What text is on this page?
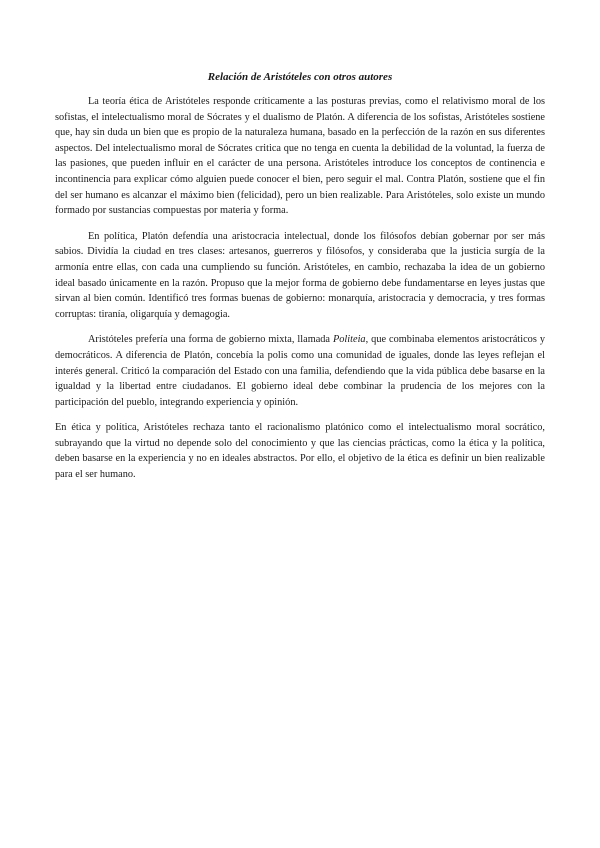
Relación de Aristóteles con otros autores

La teoría ética de Aristóteles responde críticamente a las posturas previas, como el relativismo moral de los sofistas, el intelectualismo moral de Sócrates y el dualismo de Platón. A diferencia de los sofistas, Aristóteles sostiene que, hay sin duda un bien que es propio de la naturaleza humana, basado en la perfección de la razón en sus diferentes aspectos. Del intelectualismo moral de Sócrates critica que no tenga en cuenta la debilidad de la voluntad, la fuerza de las pasiones, que pueden influir en el carácter de una persona. Aristóteles introduce los conceptos de continencia e incontinencia para explicar cómo alguien puede conocer el bien, pero seguir el mal. Contra Platón, sostiene que el fin del ser humano es alcanzar el máximo bien (felicidad), pero un bien realizable. Para Aristóteles, solo existe un mundo formado por sustancias compuestas por materia y forma.

En política, Platón defendía una aristocracia intelectual, donde los filósofos debían gobernar por ser más sabios. Dividía la ciudad en tres clases: artesanos, guerreros y filósofos, y consideraba que la justicia surgía de la armonía entre ellas, con cada una cumpliendo su función. Aristóteles, en cambio, rechazaba la idea de un gobierno ideal basado únicamente en la razón. Propuso que la mejor forma de gobierno debe fundamentarse en leyes justas que sirvan al bien común. Identificó tres formas buenas de gobierno: monarquía, aristocracia y democracia, y tres formas corruptas: tiranía, oligarquía y demagogia.

Aristóteles prefería una forma de gobierno mixta, llamada Politeia, que combinaba elementos aristocráticos y democráticos. A diferencia de Platón, concebía la polis como una comunidad de iguales, donde las leyes reflejan el interés general. Criticó la comparación del Estado con una familia, defendiendo que la vida pública debe basarse en la igualdad y la libertad entre ciudadanos. El gobierno ideal debe combinar la prudencia de los mejores con la participación del pueblo, integrando experiencia y opinión.

En ética y política, Aristóteles rechaza tanto el racionalismo platónico como el intelectualismo moral socrático, subrayando que la virtud no depende solo del conocimiento y que las ciencias prácticas, como la ética y la política, deben basarse en la experiencia y no en ideales abstractos. Por ello, el objetivo de la ética es definir un bien realizable para el ser humano.
